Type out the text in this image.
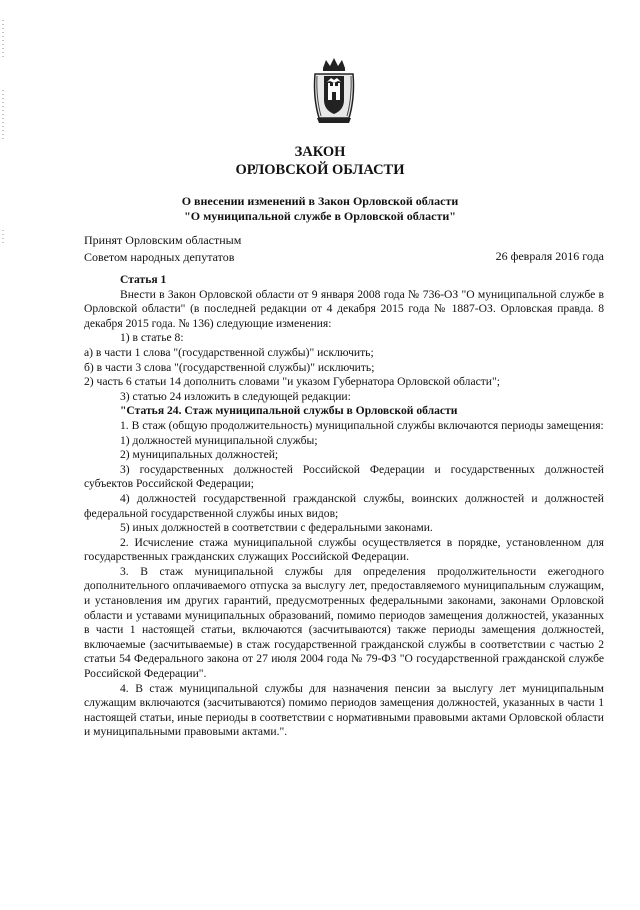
ЗАКОН
ОРЛОВСКОЙ ОБЛАСТИ
О внесении изменений в Закон Орловской области
"О муниципальной службе в Орловской области"
Принят Орловским областным
Советом народных депутатов	26 февраля 2016 года

Статья 1

Внести в Закон Орловской области от 9 января 2008 года № 736-ОЗ "О муниципальной службе в Орловской области" (в последней редакции от 4 декабря 2015 года № 1887-ОЗ. Орловская правда. 8 декабря 2015 года. № 136) следующие изменения:

1) в статье 8:

а) в части 1 слова "(государственной службы)" исключить;

б) в части 3 слова "(государственной службы)" исключить;

2) часть 6 статьи 14 дополнить словами "и указом Губернатора Орловской области";

3) статью 24 изложить в следующей редакции:

"Статья 24. Стаж муниципальной службы в Орловской области

1. В стаж (общую продолжительность) муниципальной службы включаются периоды замещения:

1) должностей муниципальной службы;

2) муниципальных должностей;

3) государственных должностей Российской Федерации и государственных должностей субъектов Российской Федерации;

4) должностей государственной гражданской службы, воинских должностей и должностей федеральной государственной службы иных видов;

5) иных должностей в соответствии с федеральными законами.

2. Исчисление стажа муниципальной службы осуществляется в порядке, установленном для государственных гражданских служащих Российской Федерации.

3. В стаж муниципальной службы для определения продолжительности ежегодного дополнительного оплачиваемого отпуска за выслугу лет, предоставляемого муниципальным служащим, и установления им других гарантий, предусмотренных федеральными законами, законами Орловской области и уставами муниципальных образований, помимо периодов замещения должностей, указанных в части 1 настоящей статьи, включаются (засчитываются) также периоды замещения должностей, включаемые (засчитываемые) в стаж государственной гражданской службы в соответствии с частью 2 статьи 54 Федерального закона от 27 июля 2004 года № 79-ФЗ "О государственной гражданской службе Российской Федерации".

4. В стаж муниципальной службы для назначения пенсии за выслугу лет муниципальным служащим включаются (засчитываются) помимо периодов замещения должностей, указанных в части 1 настоящей статьи, иные периоды в соответствии с нормативными правовыми актами Орловской области и муниципальными правовыми актами.".
